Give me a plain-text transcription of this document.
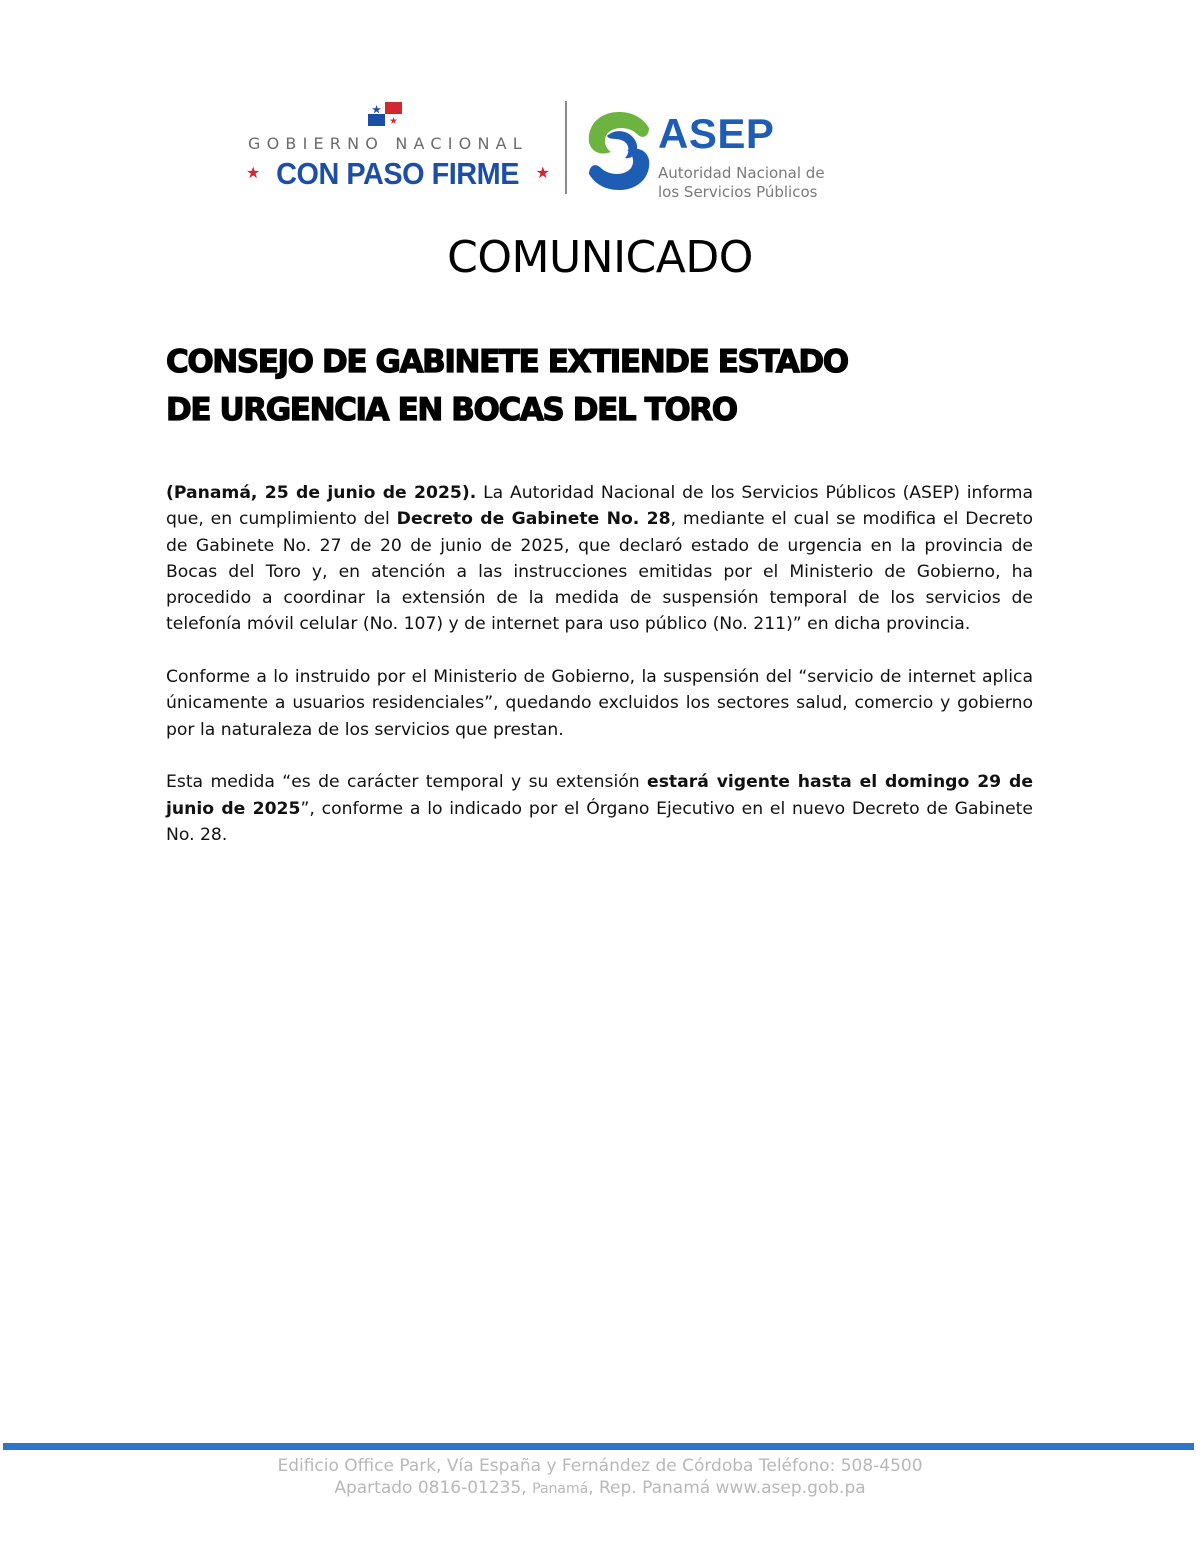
GOBIERNO NACIONAL
★ CON PASO FIRME ★
ASEP
Autoridad Nacional de
los Servicios Públicos
COMUNICADO
CONSEJO DE GABINETE EXTIENDE ESTADO
DE URGENCIA EN BOCAS DEL TORO

(Panamá, 25 de junio de 2025). La Autoridad Nacional de los Servicios Públicos (ASEP) informa que, en cumplimiento del Decreto de Gabinete No. 28, mediante el cual se modifica el Decreto de Gabinete No. 27 de 20 de junio de 2025, que declaró estado de urgencia en la provincia de Bocas del Toro y, en atención a las instrucciones emitidas por el Ministerio de Gobierno, ha procedido a coordinar la extensión de la medida de suspensión temporal de los servicios de telefonía móvil celular (No. 107) y de internet para uso público (No. 211)” en dicha provincia.

Conforme a lo instruido por el Ministerio de Gobierno, la suspensión del “servicio de internet aplica únicamente a usuarios residenciales”, quedando excluidos los sectores salud, comercio y gobierno por la naturaleza de los servicios que prestan.

Esta medida “es de carácter temporal y su extensión estará vigente hasta el domingo 29 de junio de 2025”, conforme a lo indicado por el Órgano Ejecutivo en el nuevo Decreto de Gabinete No. 28.

Edificio Office Park, Vía España y Fernández de Córdoba Teléfono: 508-4500
Apartado 0816-01235, Panamá, Rep. Panamá www.asep.gob.pa
